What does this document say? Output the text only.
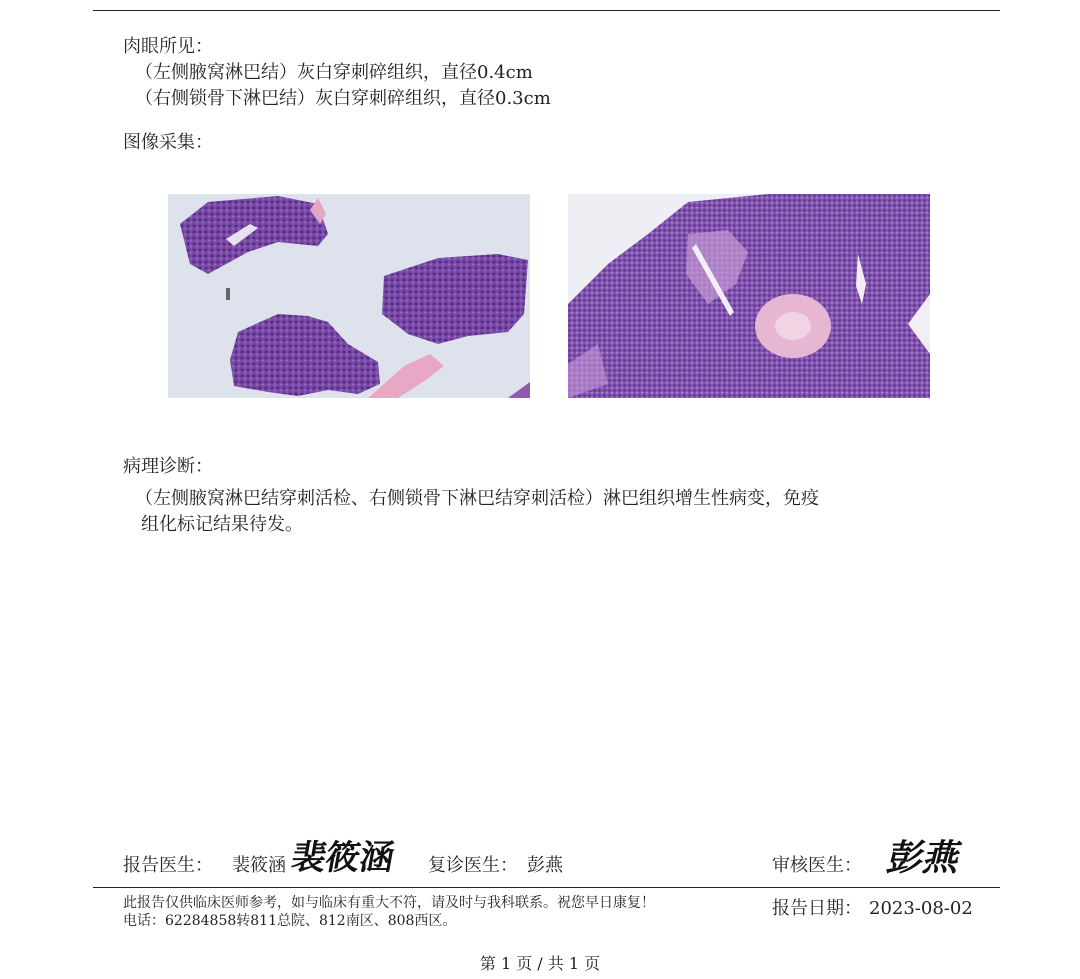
肉眼所见：
（左侧腋窝淋巴结）灰白穿刺碎组织，直径0.4cm
（右侧锁骨下淋巴结）灰白穿刺碎组织，直径0.3cm
图像采集：
病理诊断：
（左侧腋窝淋巴结穿刺活检、右侧锁骨下淋巴结穿刺活检）淋巴组织增生性病变，免疫
组化标记结果待发。
报告医生： 裴筱涵 裴筱涵 复诊医生： 彭燕	审核医生： 彭燕
此报告仅供临床医师参考，如与临床有重大不符，请及时与我科联系。祝您早日康复！
电话：62284858转811总院、812南区、808西区。
报告日期： 2023-08-02
第 1 页 / 共 1 页
